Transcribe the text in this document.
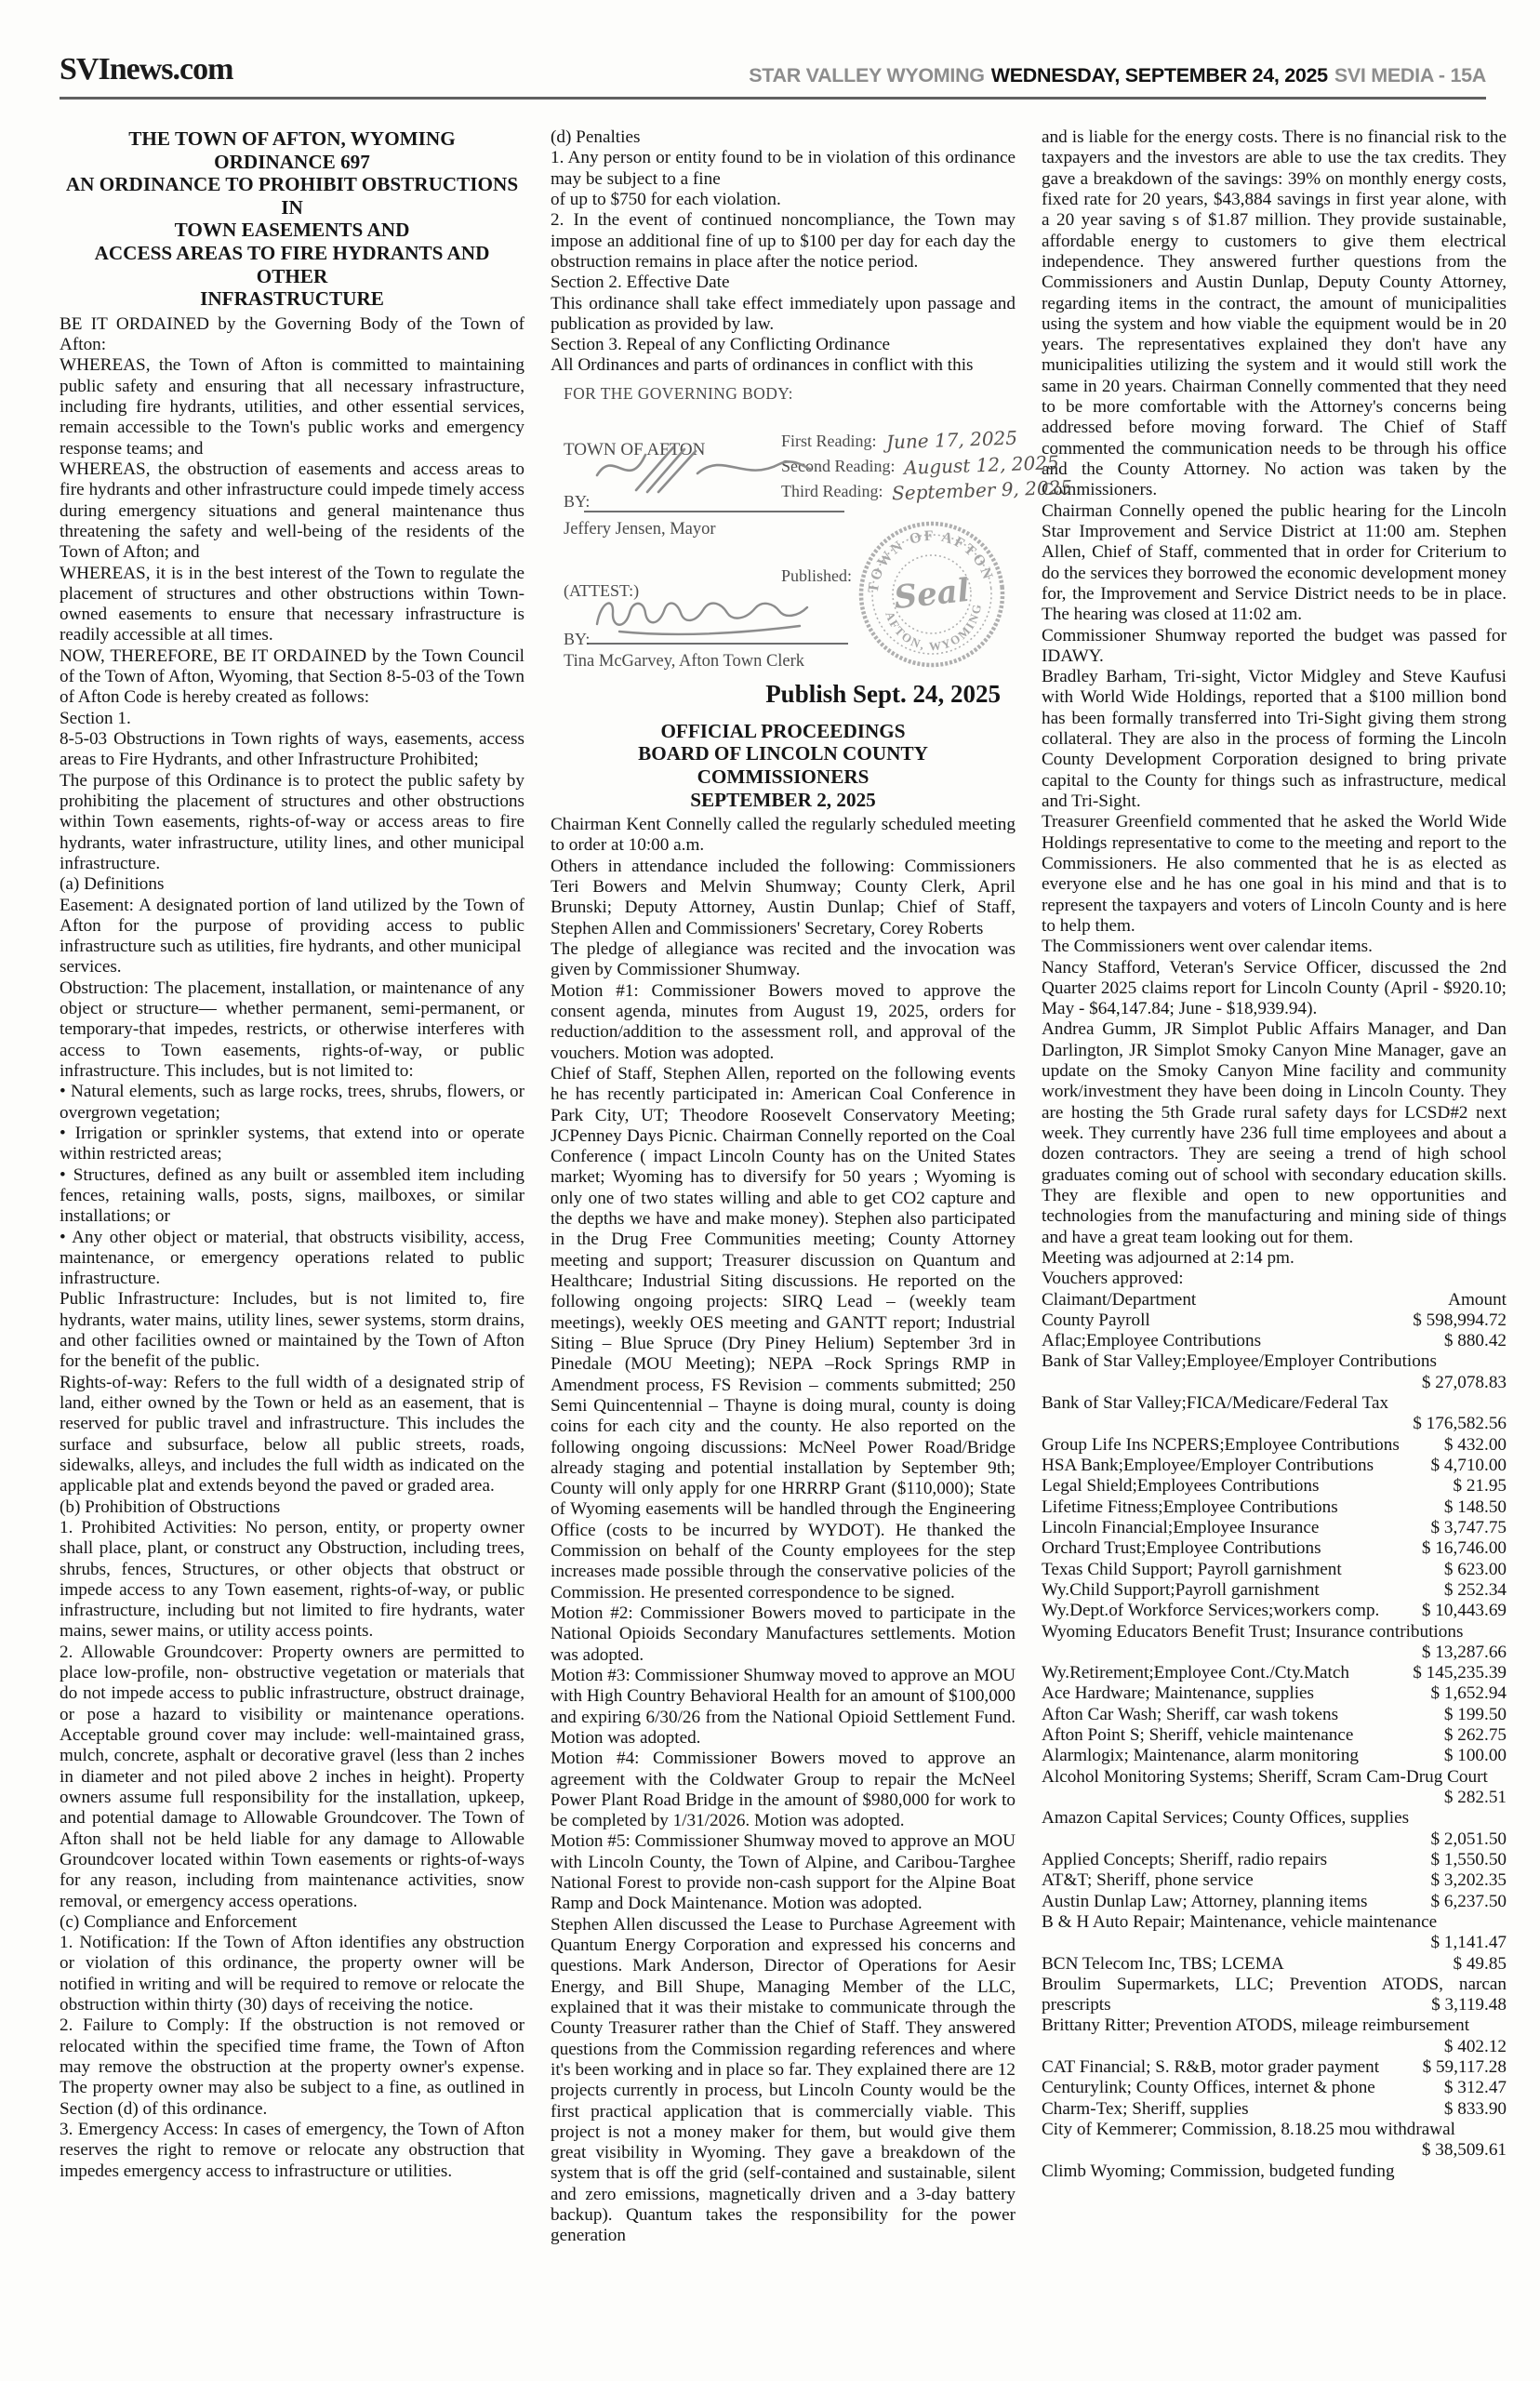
SVInews.com	STAR VALLEY WYOMING WEDNESDAY, SEPTEMBER 24, 2025 SVI MEDIA - 15A
THE TOWN OF AFTON, WYOMING
ORDINANCE 697
AN ORDINANCE TO PROHIBIT OBSTRUCTIONS IN
TOWN EASEMENTS AND
ACCESS AREAS TO FIRE HYDRANTS AND OTHER
INFRASTRUCTURE

BE IT ORDAINED by the Governing Body of the Town of Afton:

WHEREAS, the Town of Afton is committed to maintaining public safety and ensuring that all necessary infrastructure, including fire hydrants, utilities, and other essential services, remain accessible to the Town's public works and emergency response teams; and

WHEREAS, the obstruction of easements and access areas to fire hydrants and other infrastructure could impede timely access during emergency situations and general maintenance thus threatening the safety and well-being of the residents of the Town of Afton; and

WHEREAS, it is in the best interest of the Town to regulate the placement of structures and other obstructions within Town-owned easements to ensure that necessary infrastructure is readily accessible at all times.

NOW, THEREFORE, BE IT ORDAINED by the Town Council of the Town of Afton, Wyoming, that Section 8-5-03 of the Town of Afton Code is hereby created as follows:

Section 1.

8-5-03 Obstructions in Town rights of ways, easements, access areas to Fire Hydrants, and other Infrastructure Prohibited;

The purpose of this Ordinance is to protect the public safety by prohibiting the placement of structures and other obstructions within Town easements, rights-of-way or access areas to fire hydrants, water infrastructure, utility lines, and other municipal infrastructure.

(a) Definitions

Easement: A designated portion of land utilized by the Town of Afton for the purpose of providing access to public infrastructure such as utilities, fire hydrants, and other municipal

services.

Obstruction: The placement, installation, or maintenance of any object or structure— whether permanent, semi-permanent, or temporary-that impedes, restricts, or otherwise interferes with access to Town easements, rights-of-way, or public infrastructure. This includes, but is not limited to:

• Natural elements, such as large rocks, trees, shrubs, flowers, or overgrown vegetation;

• Irrigation or sprinkler systems, that extend into or operate within restricted areas;

• Structures, defined as any built or assembled item including fences, retaining walls, posts, signs, mailboxes, or similar installations; or

• Any other object or material, that obstructs visibility, access, maintenance, or emergency operations related to public infrastructure.

Public Infrastructure: Includes, but is not limited to, fire hydrants, water mains, utility lines, sewer systems, storm drains, and other facilities owned or maintained by the Town of Afton for the benefit of the public.

Rights-of-way: Refers to the full width of a designated strip of land, either owned by the Town or held as an easement, that is reserved for public travel and infrastructure. This includes the surface and subsurface, below all public streets, roads, sidewalks, alleys, and includes the full width as indicated on the applicable plat and extends beyond the paved or graded area.

(b) Prohibition of Obstructions

1. Prohibited Activities: No person, entity, or property owner shall place, plant, or construct any Obstruction, including trees, shrubs, fences, Structures, or other objects that obstruct or impede access to any Town easement, rights-of-way, or public infrastructure, including but not limited to fire hydrants, water mains, sewer mains, or utility access points.

2. Allowable Groundcover: Property owners are permitted to place low-profile, non- obstructive vegetation or materials that do not impede access to public infrastructure, obstruct drainage, or pose a hazard to visibility or maintenance operations. Acceptable ground cover may include: well-maintained grass, mulch, concrete, asphalt or decorative gravel (less than 2 inches in diameter and not piled above 2 inches in height). Property owners assume full responsibility for the installation, upkeep, and potential damage to Allowable Groundcover. The Town of Afton shall not be held liable for any damage to Allowable Groundcover located within Town easements or rights-of-ways for any reason, including from maintenance activities, snow removal, or emergency access operations.

(c) Compliance and Enforcement

1. Notification: If the Town of Afton identifies any obstruction or violation of this ordinance, the property owner will be notified in writing and will be required to remove or relocate the obstruction within thirty (30) days of receiving the notice.

2. Failure to Comply: If the obstruction is not removed or relocated within the specified time frame, the Town of Afton may remove the obstruction at the property owner's expense. The property owner may also be subject to a fine, as outlined in Section (d) of this ordinance.

3. Emergency Access: In cases of emergency, the Town of Afton reserves the right to remove or relocate any obstruction that impedes emergency access to infrastructure or utilities.

(d) Penalties

1. Any person or entity found to be in violation of this ordinance may be subject to a fine

of up to $750 for each violation.

2. In the event of continued noncompliance, the Town may impose an additional fine of up to $100 per day for each day the obstruction remains in place after the notice period.

Section 2. Effective Date

This ordinance shall take effect immediately upon passage and publication as provided by law.

Section 3. Repeal of any Conflicting Ordinance

All Ordinances and parts of ordinances in conflict with this

FOR THE GOVERNING BODY:
TOWN OF AFTON	First Reading: June 17, 2025
Second Reading: August 12, 2025
Third Reading: September 9, 2025
BY:
Jeffery Jensen, Mayor
Published:
(ATTEST:)
BY:
Tina McGarvey, Afton Town Clerk
TOWN OF AFTON
Seal
AFTON, WYOMING
Publish Sept. 24, 2025
OFFICIAL PROCEEDINGS
BOARD OF LINCOLN COUNTY COMMISSIONERS
SEPTEMBER 2, 2025

Chairman Kent Connelly called the regularly scheduled meeting to order at 10:00 a.m.

Others in attendance included the following: Commissioners Teri Bowers and Melvin Shumway; County Clerk, April Brunski; Deputy Attorney, Austin Dunlap; Chief of Staff, Stephen Allen and Commissioners' Secretary, Corey Roberts

The pledge of allegiance was recited and the invocation was given by Commissioner Shumway.

Motion #1: Commissioner Bowers moved to approve the consent agenda, minutes from August 19, 2025, orders for reduction/addition to the assessment roll, and approval of the vouchers. Motion was adopted.

Chief of Staff, Stephen Allen, reported on the following events he has recently participated in: American Coal Conference in Park City, UT; Theodore Roosevelt Conservatory Meeting; JCPenney Days Picnic. Chairman Connelly reported on the Coal Conference ( impact Lincoln County has on the United States market; Wyoming has to diversify for 50 years ; Wyoming is only one of two states willing and able to get CO2 capture and the depths we have and make money). Stephen also participated in the Drug Free Communities meeting; County Attorney meeting and support; Treasurer discussion on Quantum and Healthcare; Industrial Siting discussions. He reported on the following ongoing projects: SIRQ Lead – (weekly team meetings), weekly OES meeting and GANTT report; Industrial Siting – Blue Spruce (Dry Piney Helium) September 3rd in Pinedale (MOU Meeting); NEPA –Rock Springs RMP in Amendment process, FS Revision – comments submitted; 250 Semi Quincentennial – Thayne is doing mural, county is doing coins for each city and the county. He also reported on the following ongoing discussions: McNeel Power Road/Bridge already staging and potential installation by September 9th; County will only apply for one HRRRP Grant ($110,000); State of Wyoming easements will be handled through the Engineering Office (costs to be incurred by WYDOT). He thanked the Commission on behalf of the County employees for the step increases made possible through the conservative policies of the Commission. He presented correspondence to be signed.

Motion #2: Commissioner Bowers moved to participate in the National Opioids Secondary Manufactures settlements. Motion was adopted.

Motion #3: Commissioner Shumway moved to approve an MOU with High Country Behavioral Health for an amount of $100,000 and expiring 6/30/26 from the National Opioid Settlement Fund. Motion was adopted.

Motion #4: Commissioner Bowers moved to approve an agreement with the Coldwater Group to repair the McNeel Power Plant Road Bridge in the amount of $980,000 for work to be completed by 1/31/2026. Motion was adopted.

Motion #5: Commissioner Shumway moved to approve an MOU with Lincoln County, the Town of Alpine, and Caribou-Targhee National Forest to provide non-cash support for the Alpine Boat Ramp and Dock Maintenance. Motion was adopted.

Stephen Allen discussed the Lease to Purchase Agreement with Quantum Energy Corporation and expressed his concerns and questions. Mark Anderson, Director of Operations for Aesir Energy, and Bill Shupe, Managing Member of the LLC, explained that it was their mistake to communicate through the County Treasurer rather than the Chief of Staff. They answered questions from the Commission regarding references and where it's been working and in place so far. They explained there are 12 projects currently in process, but Lincoln County would be the first practical application that is commercially viable. This project is not a money maker for them, but would give them great visibility in Wyoming. They gave a breakdown of the system that is off the grid (self-contained and sustainable, silent and zero emissions, magnetically driven and a 3-day battery backup). Quantum takes the responsibility for the power generation

and is liable for the energy costs. There is no financial risk to the taxpayers and the investors are able to use the tax credits. They gave a breakdown of the savings: 39% on monthly energy costs, fixed rate for 20 years, $43,884 savings in first year alone, with a 20 year saving s of $1.87 million. They provide sustainable, affordable energy to customers to give them electrical independence. They answered further questions from the Commissioners and Austin Dunlap, Deputy County Attorney, regarding items in the contract, the amount of municipalities using the system and how viable the equipment would be in 20 years. The representatives explained they don't have any municipalities utilizing the system and it would still work the same in 20 years. Chairman Connelly commented that they need to be more comfortable with the Attorney's concerns being addressed before moving forward. The Chief of Staff commented the communication needs to be through his office and the County Attorney. No action was taken by the Commissioners.

Chairman Connelly opened the public hearing for the Lincoln Star Improvement and Service District at 11:00 am. Stephen Allen, Chief of Staff, commented that in order for Criterium to do the services they borrowed the economic development money for, the Improvement and Service District needs to be in place. The hearing was closed at 11:02 am.

Commissioner Shumway reported the budget was passed for IDAWY.

Bradley Barham, Tri-sight, Victor Midgley and Steve Kaufusi with World Wide Holdings, reported that a $100 million bond has been formally transferred into Tri-Sight giving them strong collateral. They are also in the process of forming the Lincoln County Development Corporation designed to bring private capital to the County for things such as infrastructure, medical and Tri-Sight.

Treasurer Greenfield commented that he asked the World Wide Holdings representative to come to the meeting and report to the Commissioners. He also commented that he is as elected as everyone else and he has one goal in his mind and that is to represent the taxpayers and voters of Lincoln County and is here to help them.

The Commissioners went over calendar items.

Nancy Stafford, Veteran's Service Officer, discussed the 2nd Quarter 2025 claims report for Lincoln County (April - $920.10; May - $64,147.84; June - $18,939.94).

Andrea Gumm, JR Simplot Public Affairs Manager, and Dan Darlington, JR Simplot Smoky Canyon Mine Manager, gave an update on the Smoky Canyon Mine facility and community work/investment they have been doing in Lincoln County. They are hosting the 5th Grade rural safety days for LCSD#2 next week. They currently have 236 full time employees and about a dozen contractors. They are seeing a trend of high school graduates coming out of school with secondary education skills. They are flexible and open to new opportunities and technologies from the manufacturing and mining side of things and have a great team looking out for them.

Meeting was adjourned at 2:14 pm.

Vouchers approved:

Claimant/Department	Amount
County Payroll	$ 598,994.72
Aflac;Employee Contributions	$ 880.42
Bank of Star Valley;Employee/Employer Contributions
$ 27,078.83
Bank of Star Valley;FICA/Medicare/Federal Tax
$ 176,582.56
Group Life Ins NCPERS;Employee Contributions	$ 432.00
HSA Bank;Employee/Employer Contributions	$ 4,710.00
Legal Shield;Employees Contributions	$ 21.95
Lifetime Fitness;Employee Contributions	$ 148.50
Lincoln Financial;Employee Insurance	$ 3,747.75
Orchard Trust;Employee Contributions	$ 16,746.00
Texas Child Support; Payroll garnishment	$ 623.00
Wy.Child Support;Payroll garnishment	$ 252.34
Wy.Dept.of Workforce Services;workers comp.	$ 10,443.69
Wyoming Educators Benefit Trust; Insurance contributions
$ 13,287.66
Wy.Retirement;Employee Cont./Cty.Match	$ 145,235.39
Ace Hardware; Maintenance, supplies	$ 1,652.94
Afton Car Wash; Sheriff, car wash tokens	$ 199.50
Afton Point S; Sheriff, vehicle maintenance	$ 262.75
Alarmlogix; Maintenance, alarm monitoring	$ 100.00
Alcohol Monitoring Systems; Sheriff, Scram Cam-Drug Court
$ 282.51
Amazon Capital Services; County Offices, supplies
$ 2,051.50
Applied Concepts; Sheriff, radio repairs	$ 1,550.50
AT&T; Sheriff, phone service	$ 3,202.35
Austin Dunlap Law; Attorney, planning items	$ 6,237.50
B & H Auto Repair; Maintenance, vehicle maintenance
$ 1,141.47
BCN Telecom Inc, TBS; LCEMA	$ 49.85
Broulim Supermarkets, LLC; Prevention ATODS, narcan prescripts	$ 3,119.48
Brittany Ritter; Prevention ATODS, mileage reimbursement
$ 402.12
CAT Financial; S. R&B, motor grader payment	$ 59,117.28
Centurylink; County Offices, internet & phone	$ 312.47
Charm-Tex; Sheriff, supplies	$ 833.90
City of Kemmerer; Commission, 8.18.25 mou withdrawal
$ 38,509.61
Climb Wyoming; Commission, budgeted funding
